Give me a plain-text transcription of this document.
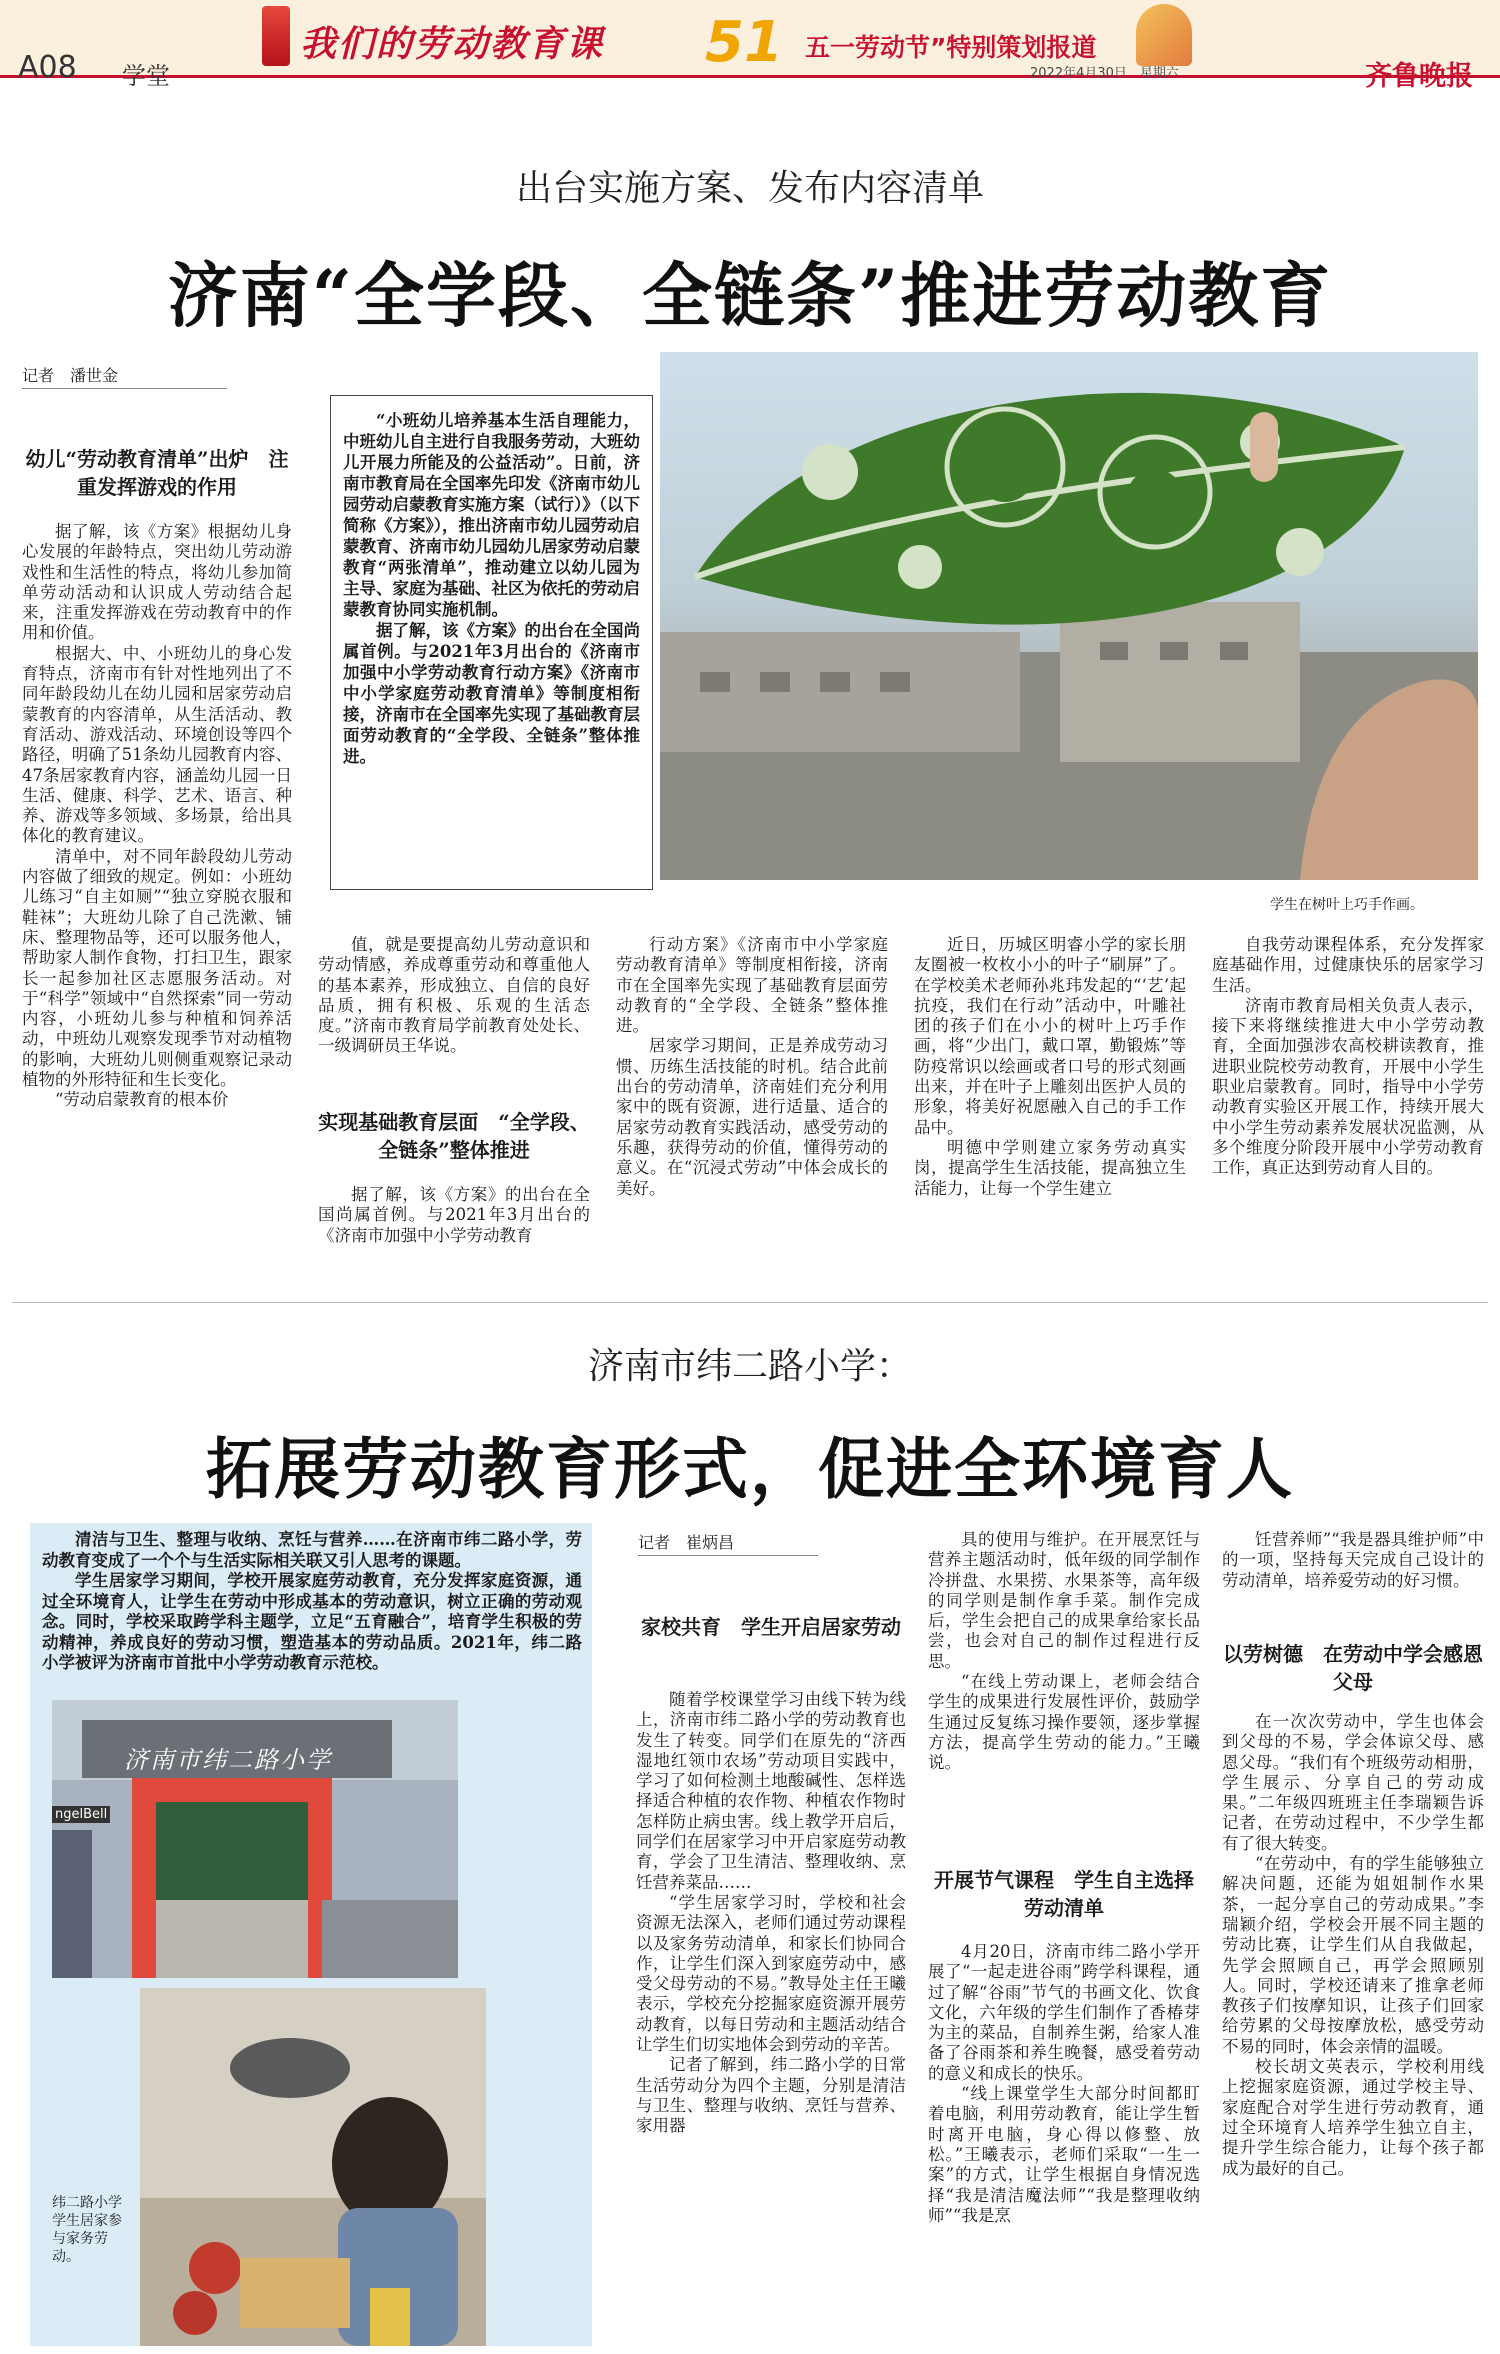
A08 学堂
我们的劳动教育课 51 五一劳动节”特别策划报道
2022年4月30日　星期六	齐鲁晚报
出台实施方案、发布内容清单
济南“全学段、全链条”推进劳动教育
记者　潘世金
幼儿“劳动教育清单”出炉　注重发挥游戏的作用

据了解，该《方案》根据幼儿身心发展的年龄特点，突出幼儿劳动游戏性和生活性的特点，将幼儿参加简单劳动活动和认识成人劳动结合起来，注重发挥游戏在劳动教育中的作用和价值。

根据大、中、小班幼儿的身心发育特点，济南市有针对性地列出了不同年龄段幼儿在幼儿园和居家劳动启蒙教育的内容清单，从生活活动、教育活动、游戏活动、环境创设等四个路径，明确了51条幼儿园教育内容、47条居家教育内容，涵盖幼儿园一日生活、健康、科学、艺术、语言、种养、游戏等多领域、多场景，给出具体化的教育建议。

清单中，对不同年龄段幼儿劳动内容做了细致的规定。例如：小班幼儿练习“自主如厕”“独立穿脱衣服和鞋袜”；大班幼儿除了自己洗漱、铺床、整理物品等，还可以服务他人，帮助家人制作食物，打扫卫生，跟家长一起参加社区志愿服务活动。对于“科学”领域中“自然探索”同一劳动内容，小班幼儿参与种植和饲养活动，中班幼儿观察发现季节对动植物的影响，大班幼儿则侧重观察记录动植物的外形特征和生长变化。

“劳动启蒙教育的根本价

“小班幼儿培养基本生活自理能力，中班幼儿自主进行自我服务劳动，大班幼儿开展力所能及的公益活动”。日前，济南市教育局在全国率先印发《济南市幼儿园劳动启蒙教育实施方案（试行）》（以下简称《方案》），推出济南市幼儿园劳动启蒙教育、济南市幼儿园幼儿居家劳动启蒙教育“两张清单”，推动建立以幼儿园为主导、家庭为基础、社区为依托的劳动启蒙教育协同实施机制。

据了解，该《方案》的出台在全国尚属首例。与2021年3月出台的《济南市加强中小学劳动教育行动方案》《济南市中小学家庭劳动教育清单》等制度相衔接，济南市在全国率先实现了基础教育层面劳动教育的“全学段、全链条”整体推进。

学生在树叶上巧手作画。

值，就是要提高幼儿劳动意识和劳动情感，养成尊重劳动和尊重他人的基本素养，形成独立、自信的良好品质，拥有积极、乐观的生活态度。”济南市教育局学前教育处处长、一级调研员王华说。

实现基础教育层面　“全学段、全链条”整体推进

据了解，该《方案》的出台在全国尚属首例。与2021年3月出台的《济南市加强中小学劳动教育

行动方案》《济南市中小学家庭劳动教育清单》等制度相衔接，济南市在全国率先实现了基础教育层面劳动教育的“全学段、全链条”整体推进。

居家学习期间，正是养成劳动习惯、历练生活技能的时机。结合此前出台的劳动清单，济南娃们充分利用家中的既有资源，进行适量、适合的居家劳动教育实践活动，感受劳动的乐趣，获得劳动的价值，懂得劳动的意义。在“沉浸式劳动”中体会成长的美好。

近日，历城区明睿小学的家长朋友圈被一枚枚小小的叶子“刷屏”了。在学校美术老师孙兆玮发起的“‘艺’起抗疫，我们在行动”活动中，叶雕社团的孩子们在小小的树叶上巧手作画，将“少出门，戴口罩，勤锻炼”等防疫常识以绘画或者口号的形式刻画出来，并在叶子上雕刻出医护人员的形象，将美好祝愿融入自己的手工作品中。

明德中学则建立家务劳动真实岗，提高学生生活技能，提高独立生活能力，让每一个学生建立

自我劳动课程体系，充分发挥家庭基础作用，过健康快乐的居家学习生活。

济南市教育局相关负责人表示，接下来将继续推进大中小学劳动教育，全面加强涉农高校耕读教育，推进职业院校劳动教育，开展中小学生职业启蒙教育。同时，指导中小学劳动教育实验区开展工作，持续开展大中小学生劳动素养发展状况监测，从多个维度分阶段开展中小学劳动教育工作，真正达到劳动育人目的。

济南市纬二路小学：
拓展劳动教育形式，促进全环境育人

清洁与卫生、整理与收纳、烹饪与营养……在济南市纬二路小学，劳动教育变成了一个个与生活实际相关联又引人思考的课题。

学生居家学习期间，学校开展家庭劳动教育，充分发挥家庭资源，通过全环境育人，让学生在劳动中形成基本的劳动意识，树立正确的劳动观念。同时，学校采取跨学科主题学，立足“五育融合”，培育学生积极的劳动精神，养成良好的劳动习惯，塑造基本的劳动品质。2021年，纬二路小学被评为济南市首批中小学劳动教育示范校。

济南市纬二路小学
ngelBell
纬二路小学学生居家参与家务劳动。
记者　崔炳昌
家校共育　学生开启居家劳动

随着学校课堂学习由线下转为线上，济南市纬二路小学的劳动教育也发生了转变。同学们在原先的“济西湿地红领巾农场”劳动项目实践中，学习了如何检测土地酸碱性、怎样选择适合种植的农作物、种植农作物时怎样防止病虫害。线上教学开启后，同学们在居家学习中开启家庭劳动教育，学会了卫生清洁、整理收纳、烹饪营养菜品……

“学生居家学习时，学校和社会资源无法深入，老师们通过劳动课程以及家务劳动清单，和家长们协同合作，让学生们深入到家庭劳动中，感受父母劳动的不易。”教导处主任王曦表示，学校充分挖掘家庭资源开展劳动教育，以每日劳动和主题活动结合让学生们切实地体会到劳动的辛苦。

记者了解到，纬二路小学的日常生活劳动分为四个主题，分别是清洁与卫生、整理与收纳、烹饪与营养、家用器

具的使用与维护。在开展烹饪与营养主题活动时，低年级的同学制作冷拼盘、水果捞、水果茶等，高年级的同学则是制作拿手菜。制作完成后，学生会把自己的成果拿给家长品尝，也会对自己的制作过程进行反思。

“在线上劳动课上，老师会结合学生的成果进行发展性评价，鼓励学生通过反复练习操作要领，逐步掌握方法，提高学生劳动的能力。”王曦说。

开展节气课程　学生自主选择劳动清单

4月20日，济南市纬二路小学开展了“一起走进谷雨”跨学科课程，通过了解“谷雨”节气的书画文化、饮食文化，六年级的学生们制作了香椿芽为主的菜品，自制养生粥，给家人准备了谷雨茶和养生晚餐，感受着劳动的意义和成长的快乐。

“线上课堂学生大部分时间都盯着电脑，利用劳动教育，能让学生暂时离开电脑，身心得以修整、放松。”王曦表示，老师们采取“一生一案”的方式，让学生根据自身情况选择“我是清洁魔法师”“我是整理收纳师”“我是烹

饪营养师”“我是器具维护师”中的一项，坚持每天完成自己设计的劳动清单，培养爱劳动的好习惯。

以劳树德　在劳动中学会感恩父母

在一次次劳动中，学生也体会到父母的不易，学会体谅父母、感恩父母。“我们有个班级劳动相册，学生展示、分享自己的劳动成果。”二年级四班班主任李瑞颖告诉记者，在劳动过程中，不少学生都有了很大转变。

“在劳动中，有的学生能够独立解决问题，还能为姐姐制作水果茶，一起分享自己的劳动成果。”李瑞颖介绍，学校会开展不同主题的劳动比赛，让学生们从自我做起，先学会照顾自己，再学会照顾别人。同时，学校还请来了推拿老师教孩子们按摩知识，让孩子们回家给劳累的父母按摩放松，感受劳动不易的同时，体会亲情的温暖。

校长胡文英表示，学校利用线上挖掘家庭资源，通过学校主导、家庭配合对学生进行劳动教育，通过全环境育人培养学生独立自主，提升学生综合能力，让每个孩子都成为最好的自己。
